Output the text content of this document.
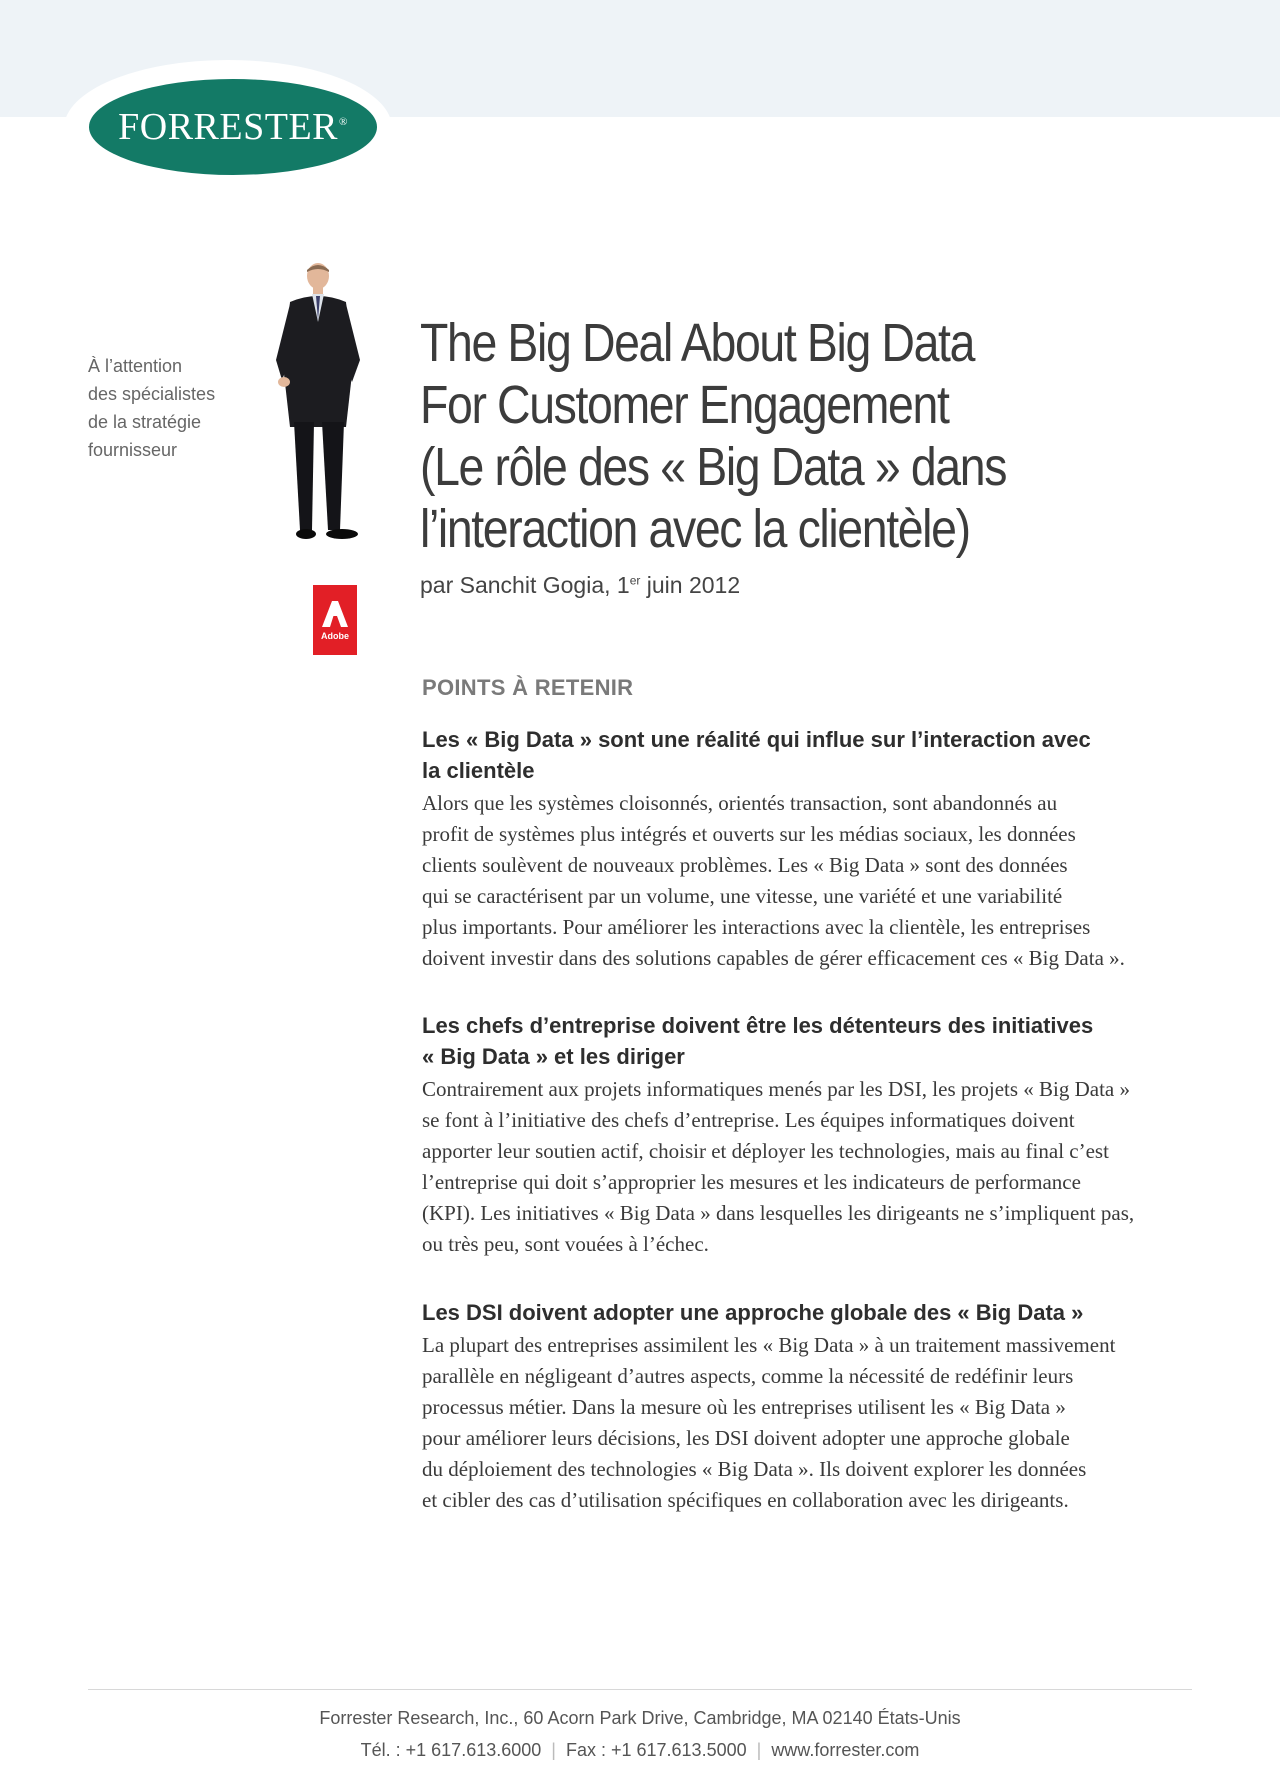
FORRESTER®
À l’attention
des spécialistes
de la stratégie
fournisseur
Adobe
The Big Deal About Big Data
For Customer Engagement
(Le rôle des « Big Data » dans
l’interaction avec la clientèle)
par Sanchit Gogia, 1er juin 2012
POINTS À RETENIR
Les « Big Data » sont une réalité qui influe sur l’interaction avec
la clientèle
Alors que les systèmes cloisonnés, orientés transaction, sont abandonnés au
profit de systèmes plus intégrés et ouverts sur les médias sociaux, les données
clients soulèvent de nouveaux problèmes. Les « Big Data » sont des données
qui se caractérisent par un volume, une vitesse, une variété et une variabilité
plus importants. Pour améliorer les interactions avec la clientèle, les entreprises
doivent investir dans des solutions capables de gérer efficacement ces « Big Data ».
Les chefs d’entreprise doivent être les détenteurs des initiatives
« Big Data » et les diriger
Contrairement aux projets informatiques menés par les DSI, les projets « Big Data »
se font à l’initiative des chefs d’entreprise. Les équipes informatiques doivent
apporter leur soutien actif, choisir et déployer les technologies, mais au final c’est
l’entreprise qui doit s’approprier les mesures et les indicateurs de performance
(KPI). Les initiatives « Big Data » dans lesquelles les dirigeants ne s’impliquent pas,
ou très peu, sont vouées à l’échec.
Les DSI doivent adopter une approche globale des « Big Data »
La plupart des entreprises assimilent les « Big Data » à un traitement massivement
parallèle en négligeant d’autres aspects, comme la nécessité de redéfinir leurs
processus métier. Dans la mesure où les entreprises utilisent les « Big Data »
pour améliorer leurs décisions, les DSI doivent adopter une approche globale
du déploiement des technologies « Big Data ». Ils doivent explorer les données
et cibler des cas d’utilisation spécifiques en collaboration avec les dirigeants.
Forrester Research, Inc., 60 Acorn Park Drive, Cambridge, MA 02140 États-Unis
Tél. : +1 617.613.6000 | Fax : +1 617.613.5000 | www.forrester.com
